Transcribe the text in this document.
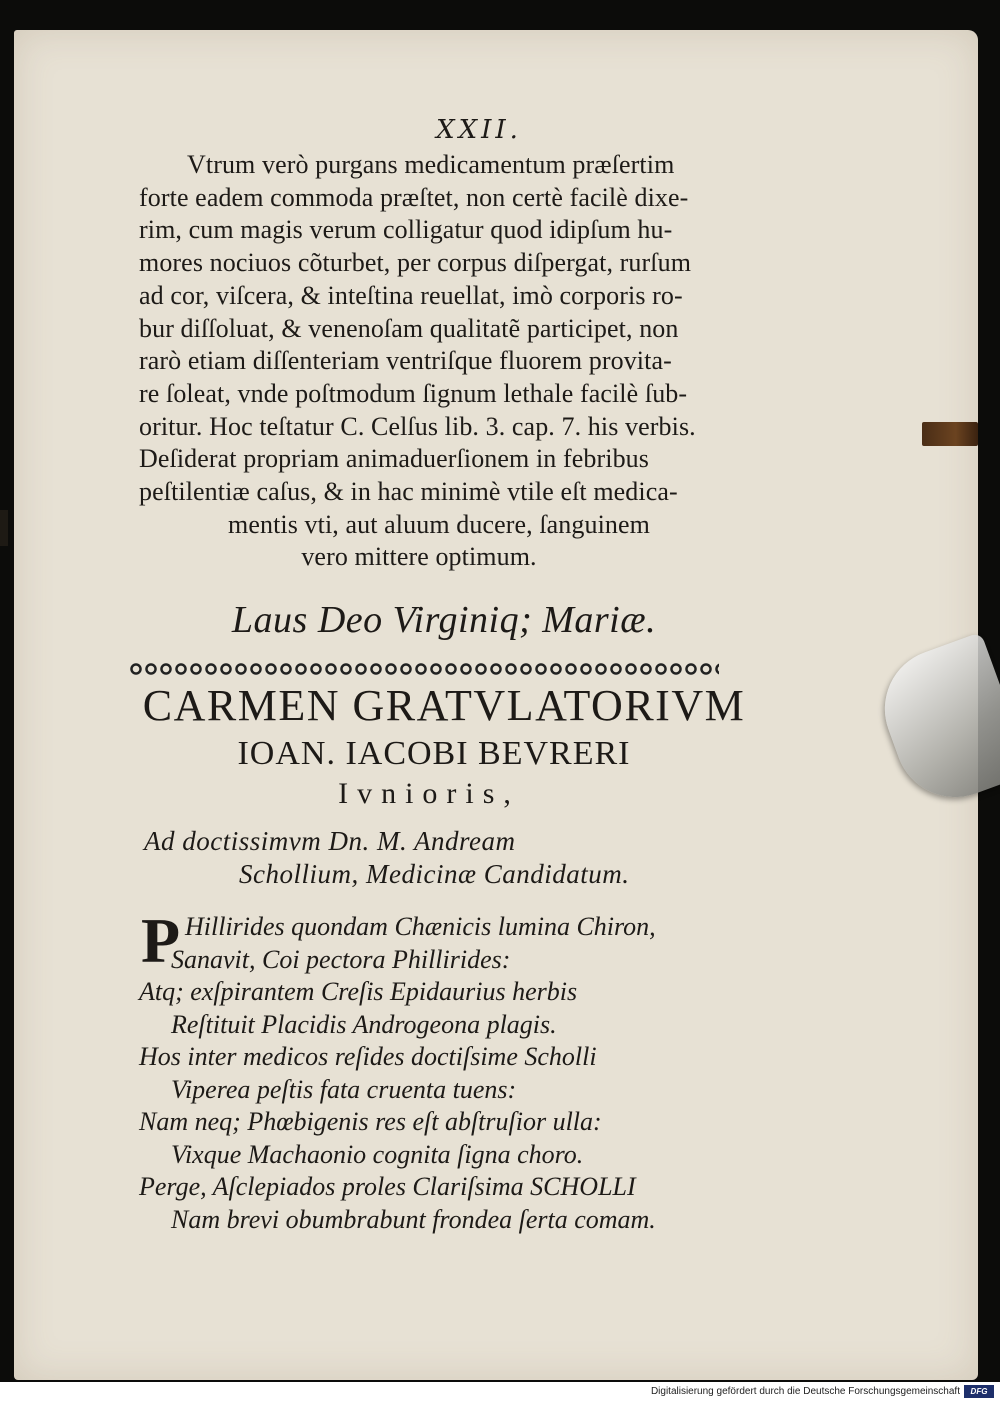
XXII.

Vtrum verò purgans medicamentum præſertim

forte eadem commoda præſtet, non certè facilè dixe-

rim, cum magis verum colligatur quod idipſum hu-

mores nociuos cõturbet, per corpus diſpergat, rurſum

ad cor, viſcera, & inteſtina reuellat, imò corporis ro-

bur diſſoluat, & venenoſam qualitatẽ participet, non

rarò etiam diſſenteriam ventriſque fluorem provita-

re ſoleat, vnde poſtmodum ſignum lethale facilè ſub-

oritur. Hoc teſtatur C. Celſus lib. 3. cap. 7. his verbis.

Deſiderat propriam animaduerſionem in febribus

peſtilentiæ caſus, & in hac minimè vtile eſt medica-

mentis vti, aut aluum ducere, ſanguinem

vero mittere optimum.

Laus Deo Virginiq; Mariæ.
CARMEN GRATVLATORIVM
IOAN. IACOBI BEVRERI
Ivnioris,

Ad doctissimvm Dn. M. Andream

Schollium, Medicinæ Candidatum.

P Hillirides quondam Chænicis lumina Chiron,

Sanavit, Coi pectora Phillirides:

Atq; exſpirantem Creſis Epidaurius herbis

Reſtituit Placidis Androgeona plagis.

Hos inter medicos reſides doctiſsime Scholli

Viperea peſtis fata cruenta tuens:

Nam neq; Phœbigenis res eſt abſtruſior ulla:

Vixque Machaonio cognita ſigna choro.

Perge, Aſclepiados proles Clariſsima SCHOLLI

Nam brevi obumbrabunt frondea ſerta comam.

Digitalisierung gefördert durch die Deutsche Forschungsgemeinschaft	DFG
